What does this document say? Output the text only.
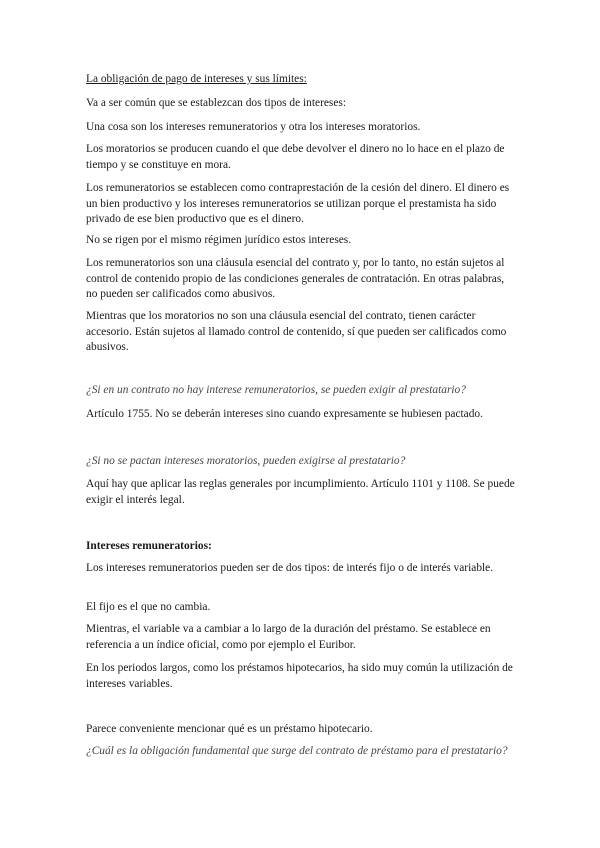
La obligación de pago de intereses y sus límites:

Va a ser común que se establezcan dos tipos de intereses:

Una cosa son los intereses remuneratorios y otra los intereses moratorios.

Los moratorios se producen cuando el que debe devolver el dinero no lo hace en el plazo de tiempo y se constituye en mora.

Los remuneratorios se establecen como contraprestación de la cesión del dinero. El dinero es un bien productivo y los intereses remuneratorios se utilizan porque el prestamista ha sido privado de ese bien productivo que es el dinero.

No se rigen por el mismo régimen jurídico estos intereses.

Los remuneratorios son una cláusula esencial del contrato y, por lo tanto, no están sujetos al control de contenido propio de las condiciones generales de contratación. En otras palabras, no pueden ser calificados como abusivos.

Mientras que los moratorios no son una cláusula esencial del contrato, tienen carácter accesorio. Están sujetos al llamado control de contenido, sí que pueden ser calificados como abusivos.

¿Si en un contrato no hay interese remuneratorios, se pueden exigir al prestatario?

Artículo 1755. No se deberán intereses sino cuando expresamente se hubiesen pactado.

¿Si no se pactan intereses moratorios, pueden exigirse al prestatario?

Aquí hay que aplicar las reglas generales por incumplimiento. Artículo 1101 y 1108. Se puede exigir el interés legal.

Intereses remuneratorios:

Los intereses remuneratorios pueden ser de dos tipos: de interés fijo o de interés variable.

El fijo es el que no cambia.

Mientras, el variable va a cambiar a lo largo de la duración del préstamo. Se establece en referencia a un índice oficial, como por ejemplo el Euribor.

En los periodos largos, como los préstamos hipotecarios, ha sido muy común la utilización de intereses variables.

Parece conveniente mencionar qué es un préstamo hipotecario.

¿Cuál es la obligación fundamental que surge del contrato de préstamo para el prestatario?
